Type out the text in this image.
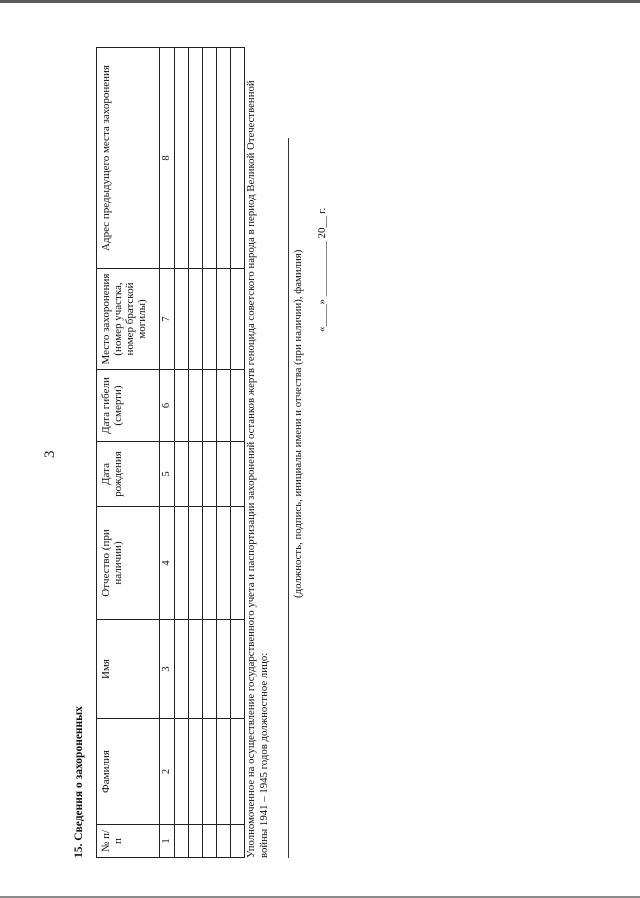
3
15. Сведения о захороненных № п/п	Фамилия	Имя	Отчество (при наличии)	Дата рождения	Дата гибели (смерти)	Место захоронения (номер участка, номер братской могилы)	Адрес предыдущего места захоронения
1	2	3	4	5	6	7	8

								Уполномоченное на осуществление государственного учета и паспортизации захоронений останков жертв геноцида советского народа в период Великой Отечественной войны 1941 – 1945 годов должностное лицо:
(должность, подпись, инициалы имени и отчества (при наличии), фамилия) «____» __________ 20__ г.
